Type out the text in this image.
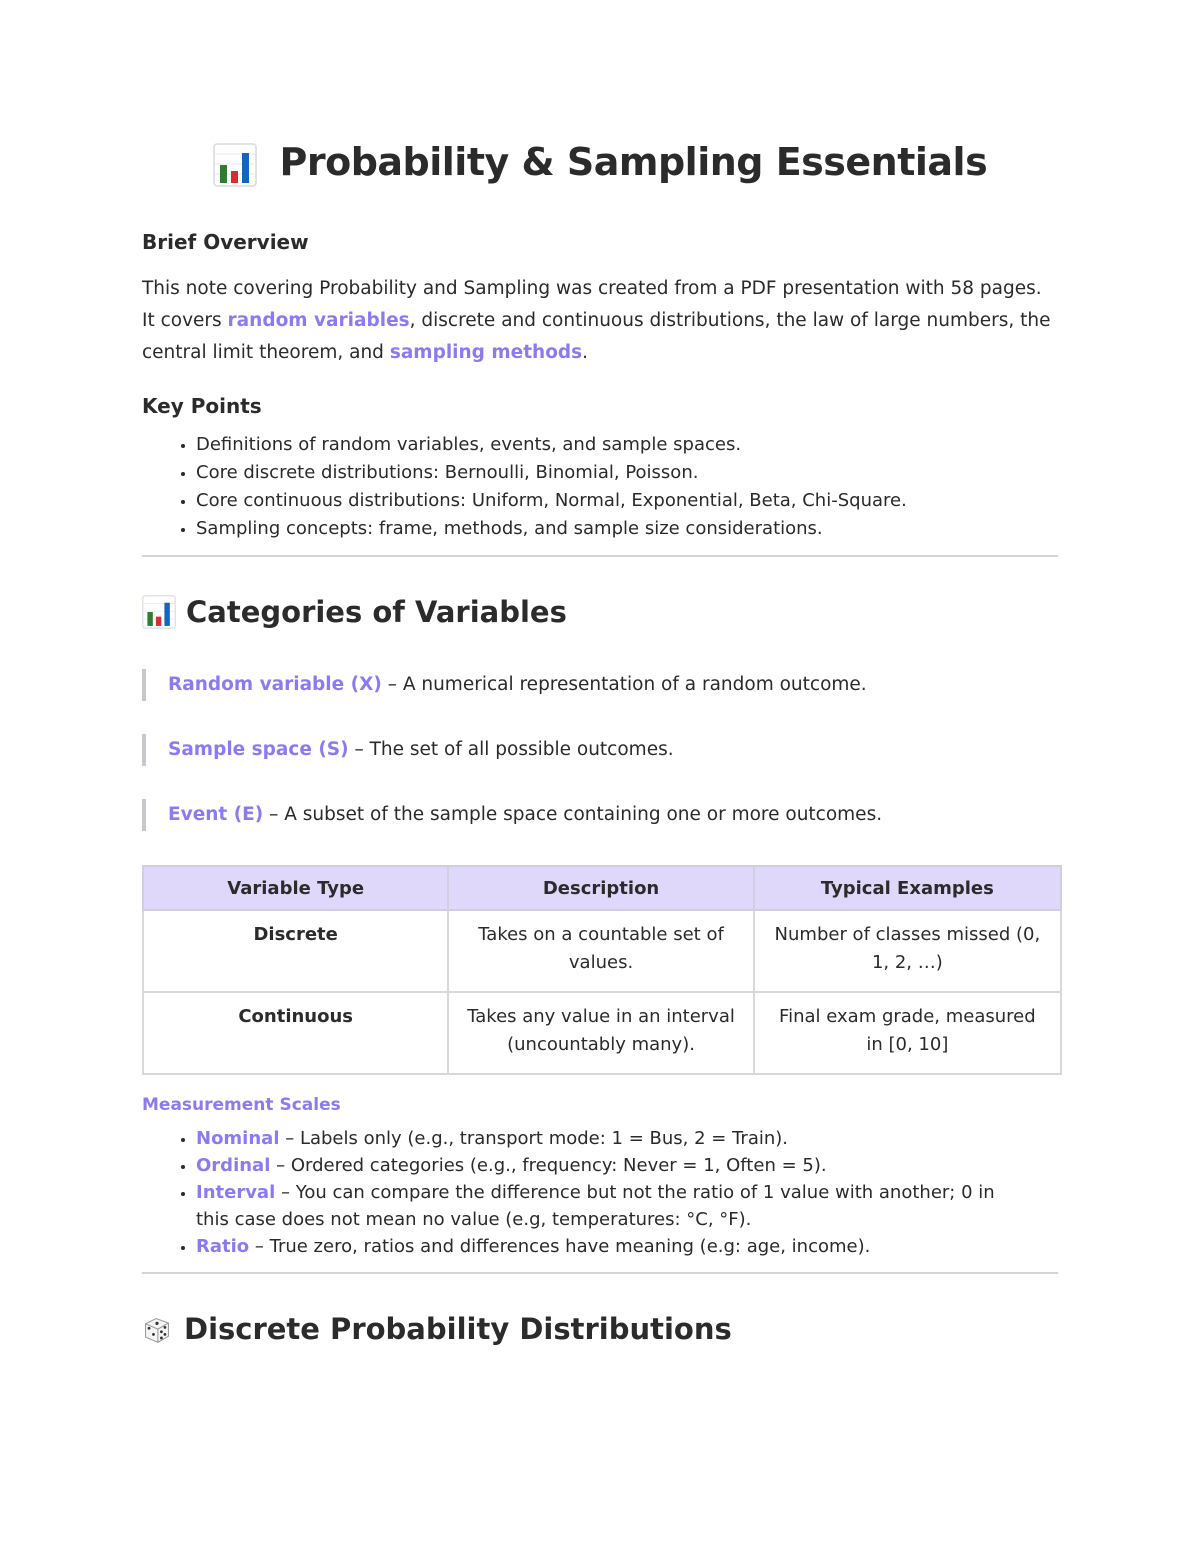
Probability & Sampling Essentials
Brief Overview

This note covering Probability and Sampling was created from a PDF presentation with 58 pages. It covers random variables, discrete and continuous distributions, the law of large numbers, the central limit theorem, and sampling methods.

Key Points
• Definitions of random variables, events, and sample spaces.
• Core discrete distributions: Bernoulli, Binomial, Poisson.
• Core continuous distributions: Uniform, Normal, Exponential, Beta, Chi-Square.
• Sampling concepts: frame, methods, and sample size considerations.
Categories of Variables
Random variable (X) – A numerical representation of a random outcome.
Sample space (S) – The set of all possible outcomes.
Event (E) – A subset of the sample space containing one or more outcomes.
Variable Type	Description	Typical Examples
Discrete	Takes on a countable set of values.	Number of classes missed (0, 1, 2, …)
Continuous	Takes any value in an interval (uncountably many).	Final exam grade, measured in [0, 10]
Measurement Scales
• Nominal – Labels only (e.g., transport mode: 1 = Bus, 2 = Train).
• Ordinal – Ordered categories (e.g., frequency: Never = 1, Often = 5).
• Interval – You can compare the difference but not the ratio of 1 value with another; 0 in this case does not mean no value (e.g, temperatures: °C, °F).
• Ratio – True zero, ratios and differences have meaning (e.g: age, income).
Discrete Probability Distributions
